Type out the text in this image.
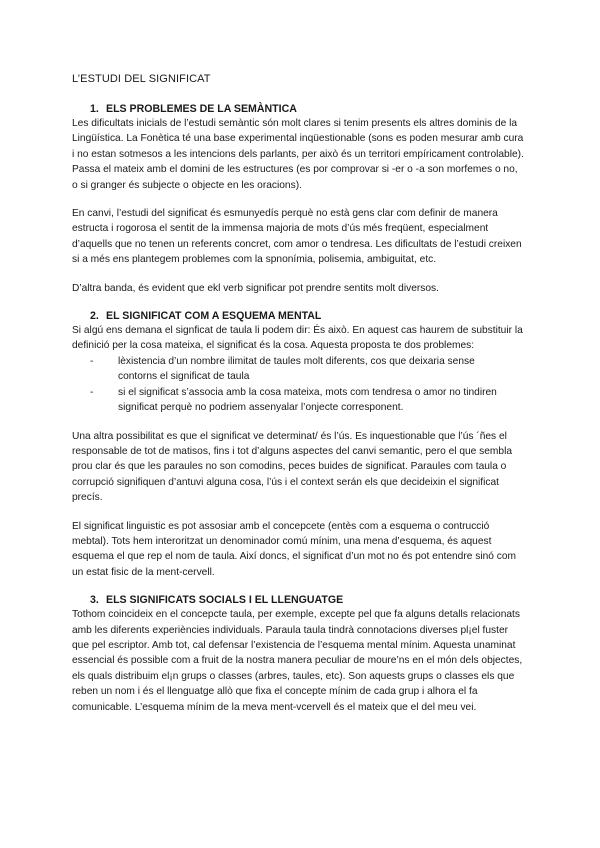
L’ESTUDI DEL SIGNIFICAT
1. ELS PROBLEMES DE LA SEMÀNTICA

Les dificultats inicials de l’estudi semàntic són molt clares si tenim presents els altres dominis de la Lingüística. La Fonètica té una base experimental inqüestionable (sons es poden mesurar amb cura i no estan sotmesos a les intencions dels parlants, per això és un territori empíricament controlable). Passa el mateix amb el domini de les estructures (es por comprovar si -er o -a son morfemes o no, o si granger és subjecte o objecte en les oracions).

En canvi, l’estudi del significat és esmunyedís perquè no està gens clar com definir de manera estructa i rogorosa el sentit de la immensa majoria de mots d’ús més freqüent, especialment d’aquells que no tenen un referents concret, com amor o tendresa. Les dificultats de l’estudi creixen si a més ens plantegem problemes com la spnonímia, polisemia, ambiguitat, etc.

D’altra banda, és evident que ekl verb significar pot prendre sentits molt diversos.

2. EL SIGNIFICAT COM A ESQUEMA MENTAL

Si algú ens demana el signficat de taula li podem dir: És això. En aquest cas haurem de substituir la definició per la cosa mateixa, el significat és la cosa. Aquesta proposta te dos problemes:

-	lèxistencia d’un nombre ilimitat de taules molt diferents, cos que deixaria sense contorns el significat de taula
-	si el significat s’associa amb la cosa mateixa, mots com tendresa o amor no tindiren significat perquè no podriem assenyalar l’onjecte corresponent.

Una altra possibilitat es que el significat ve determinat/ és l’ús. Es inquestionable que l’ús ´ñes el responsable de tot de matisos, fins i tot d’alguns aspectes del canvi semantic, pero el que sembla prou clar és que les paraules no son comodins, peces buides de significat. Paraules com taula o corrupció signifiquen d’antuvi alguna cosa, l’ús i el context serán els que decideixin el significat precís.

El significat linguistic es pot assosiar amb el concepcete (entès com a esquema o contrucció mebtal). Tots hem interoritzat un denominador comú mínim, una mena d’esquema, és aquest esquema el que rep el nom de taula. Així doncs, el significat d’un mot no és pot entendre sinó com un estat fisic de la ment-cervell.

3. ELS SIGNIFICATS SOCIALS I EL LLENGUATGE

Tothom coincideix en el concepcte taula, per exemple, excepte pel que fa alguns detalls relacionats amb les diferents experiències individuals. Paraula taula tindrà connotacions diverses pl¡el fuster que pel escriptor. Amb tot, cal defensar l’existencia de l’esquema mental mínim. Aquesta unaminat essencial és possible com a fruit de la nostra manera peculiar de moure’ns en el món dels objectes, els quals distribuim el¡n grups o classes (arbres, taules, etc). Son aquests grups o classes els que reben un nom i és el llenguatge allò que fixa el concepte mínim de cada grup i alhora el fa comunicable. L’esquema mínim de la meva ment-vcervell és el mateix que el del meu vei.
